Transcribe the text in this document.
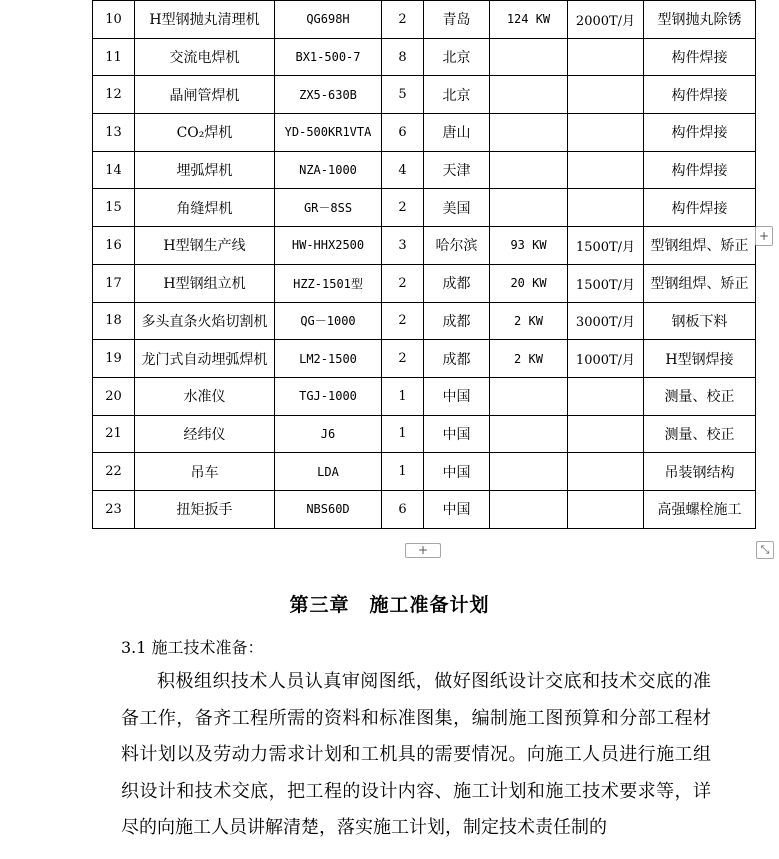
10	H型钢抛丸清理机	QG698H	2	青岛	124 KW	2000T/月	型钢抛丸除锈
11	交流电焊机	BX1-500-7	8	北京			构件焊接
12	晶闸管焊机	ZX5-630B	5	北京			构件焊接
13	CO₂焊机	YD-500KR1VTA	6	唐山			构件焊接
14	埋弧焊机	NZA-1000	4	天津			构件焊接
15	角缝焊机	GR－8SS	2	美国			构件焊接
16	H型钢生产线	HW-HHX2500	3	哈尔滨	93 KW	1500T/月	型钢组焊、矫正
17	H型钢组立机	HZZ-1501型	2	成都	20 KW	1500T/月	型钢组焊、矫正
18	多头直条火焰切割机	QG－1000	2	成都	2 KW	3000T/月	钢板下料
19	龙门式自动埋弧焊机	LM2-1500	2	成都	2 KW	1000T/月	H型钢焊接
20	水准仪	TGJ-1000	1	中国			测量、校正
21	经纬仪	J6	1	中国			测量、校正
22	吊车	LDA	1	中国			吊装钢结构
23	扭矩扳手	NBS60D	6	中国			高强螺栓施工
+
+	⤡
第三章　施工准备计划
3.1 施工技术准备：

积极组织技术人员认真审阅图纸，做好图纸设计交底和技术交底的准备工作，备齐工程所需的资料和标准图集，编制施工图预算和分部工程材料计划以及劳动力需求计划和工机具的需要情况。向施工人员进行施工组织设计和技术交底，把工程的设计内容、施工计划和施工技术要求等，详尽的向施工人员讲解清楚，落实施工计划，制定技术责任制的
